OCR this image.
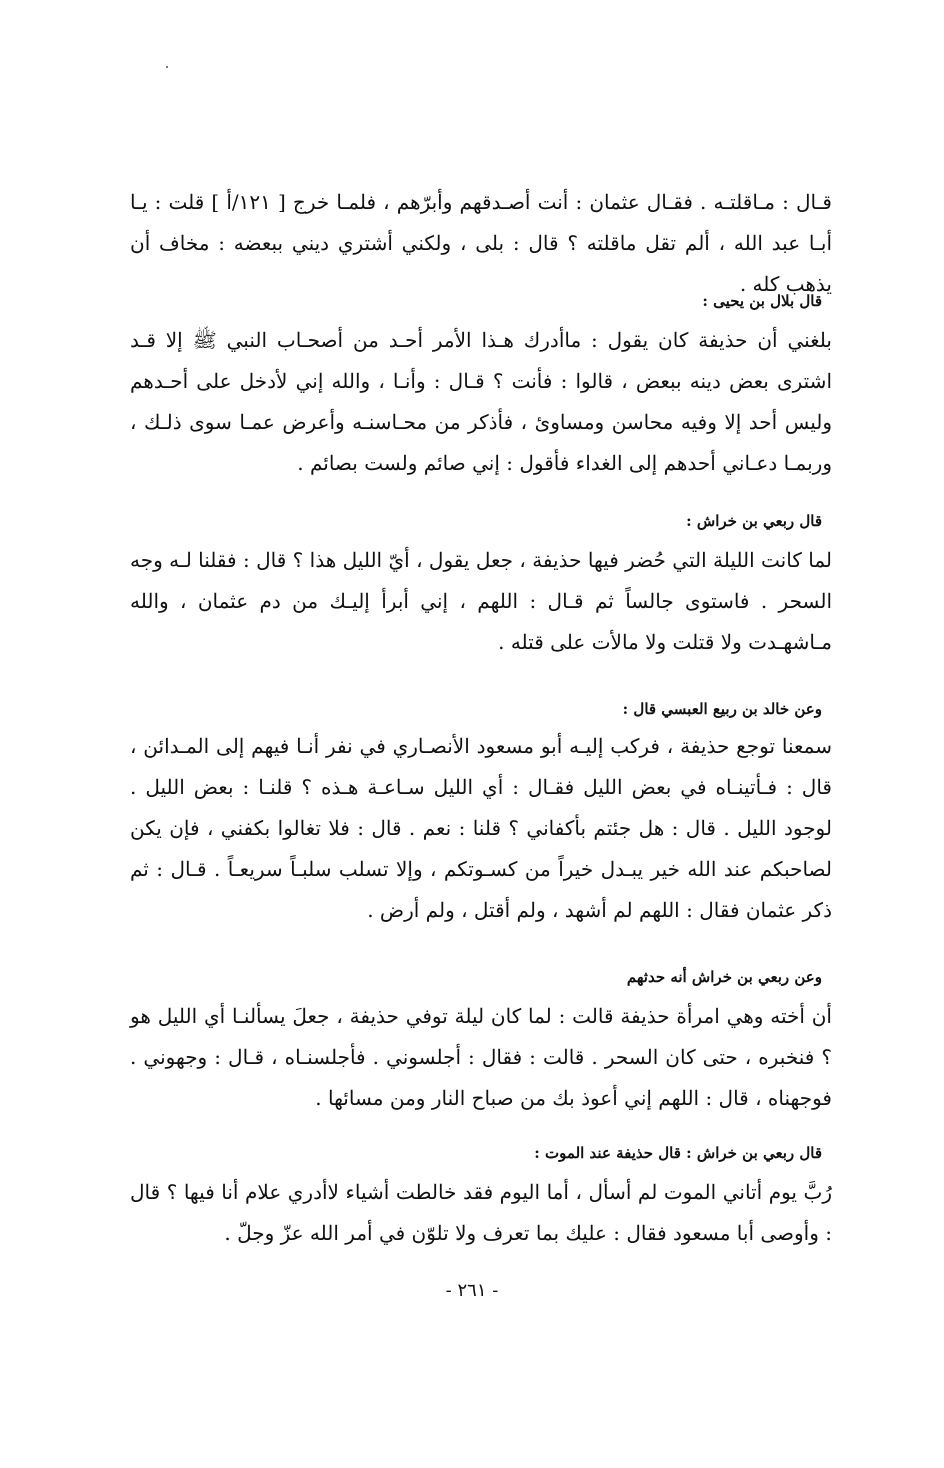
قـال : مـاقلتـه . فقـال عثمان : أنت أصـدقهم وأبرّهم ، فلمـا خرج [ ١٢١/أ ] قلت : يـا أبـا عبد الله ، ألم تقل ماقلته ؟ قال : بلى ، ولكني أشتري ديني ببعضه : مخاف أن يذهب كله .

قال بلال بن يحيى :

بلغني أن حذيفة كان يقول : ماأدرك هـذا الأمر أحـد من أصحـاب النبي ﷺ إلا قـد اشترى بعض دينه ببعض ، قالوا : فأنت ؟ قـال : وأنـا ، والله إني لأدخل على أحـدهم وليس أحد إلا وفيه محاسن ومساوئ ، فأذكر من محـاسنـه وأعرض عمـا سوى ذلـك ، وربمـا دعـاني أحدهم إلى الغداء فأقول : إني صائم ولست بصائم .

قال ربعي بن خراش :

لما كانت الليلة التي حُضر فيها حذيفة ، جعل يقول ، أيّ الليل هذا ؟ قال : فقلنا لـه وجه السحر . فاستوى جالساً ثم قـال : اللهم ، إني أبرأ إليـك من دم عثمان ، والله مـاشهـدت ولا قتلت ولا مالأت على قتله .

وعن خالد بن ربيع العبسي قال :

سمعنا توجع حذيفة ، فركب إليـه أبو مسعود الأنصـاري في نفر أنـا فيهم إلى المـدائن ، قال : فـأتينـاه في بعض الليل فقـال : أي الليل سـاعـة هـذه ؟ قلنـا : بعض الليل . لوجود الليل . قال : هل جئتم بأكفاني ؟ قلنا : نعم . قال : فلا تغالوا بكفني ، فإن يكن لصاحبكم عند الله خير يبـدل خيراً من كسـوتكم ، وإلا تسلب سلبـاً سريعـاً . قـال : ثم ذكر عثمان فقال : اللهم لم أشهد ، ولم أقتل ، ولم أرض .

وعن ربعي بن خراش أنه حدثهم

أن أخته وهي امرأة حذيفة قالت : لما كان ليلة توفي حذيفة ، جعلَ يسألنـا أي الليل هو ؟ فنخبره ، حتى كان السحر . قالت : فقال : أجلسوني . فأجلسنـاه ، قـال : وجهوني . فوجهناه ، قال : اللهم إني أعوذ بك من صباح النار ومن مسائها .

قال ربعي بن خراش : قال حذيفة عند الموت :

رُبَّ يوم أتاني الموت لم أسأل ، أما اليوم فقد خالطت أشياء لاأدري علام أنا فيها ؟ قال : وأوصى أبا مسعود فقال : عليك بما تعرف ولا تلوّن في أمر الله عزّ وجلّ .

- ٢٦١ -
